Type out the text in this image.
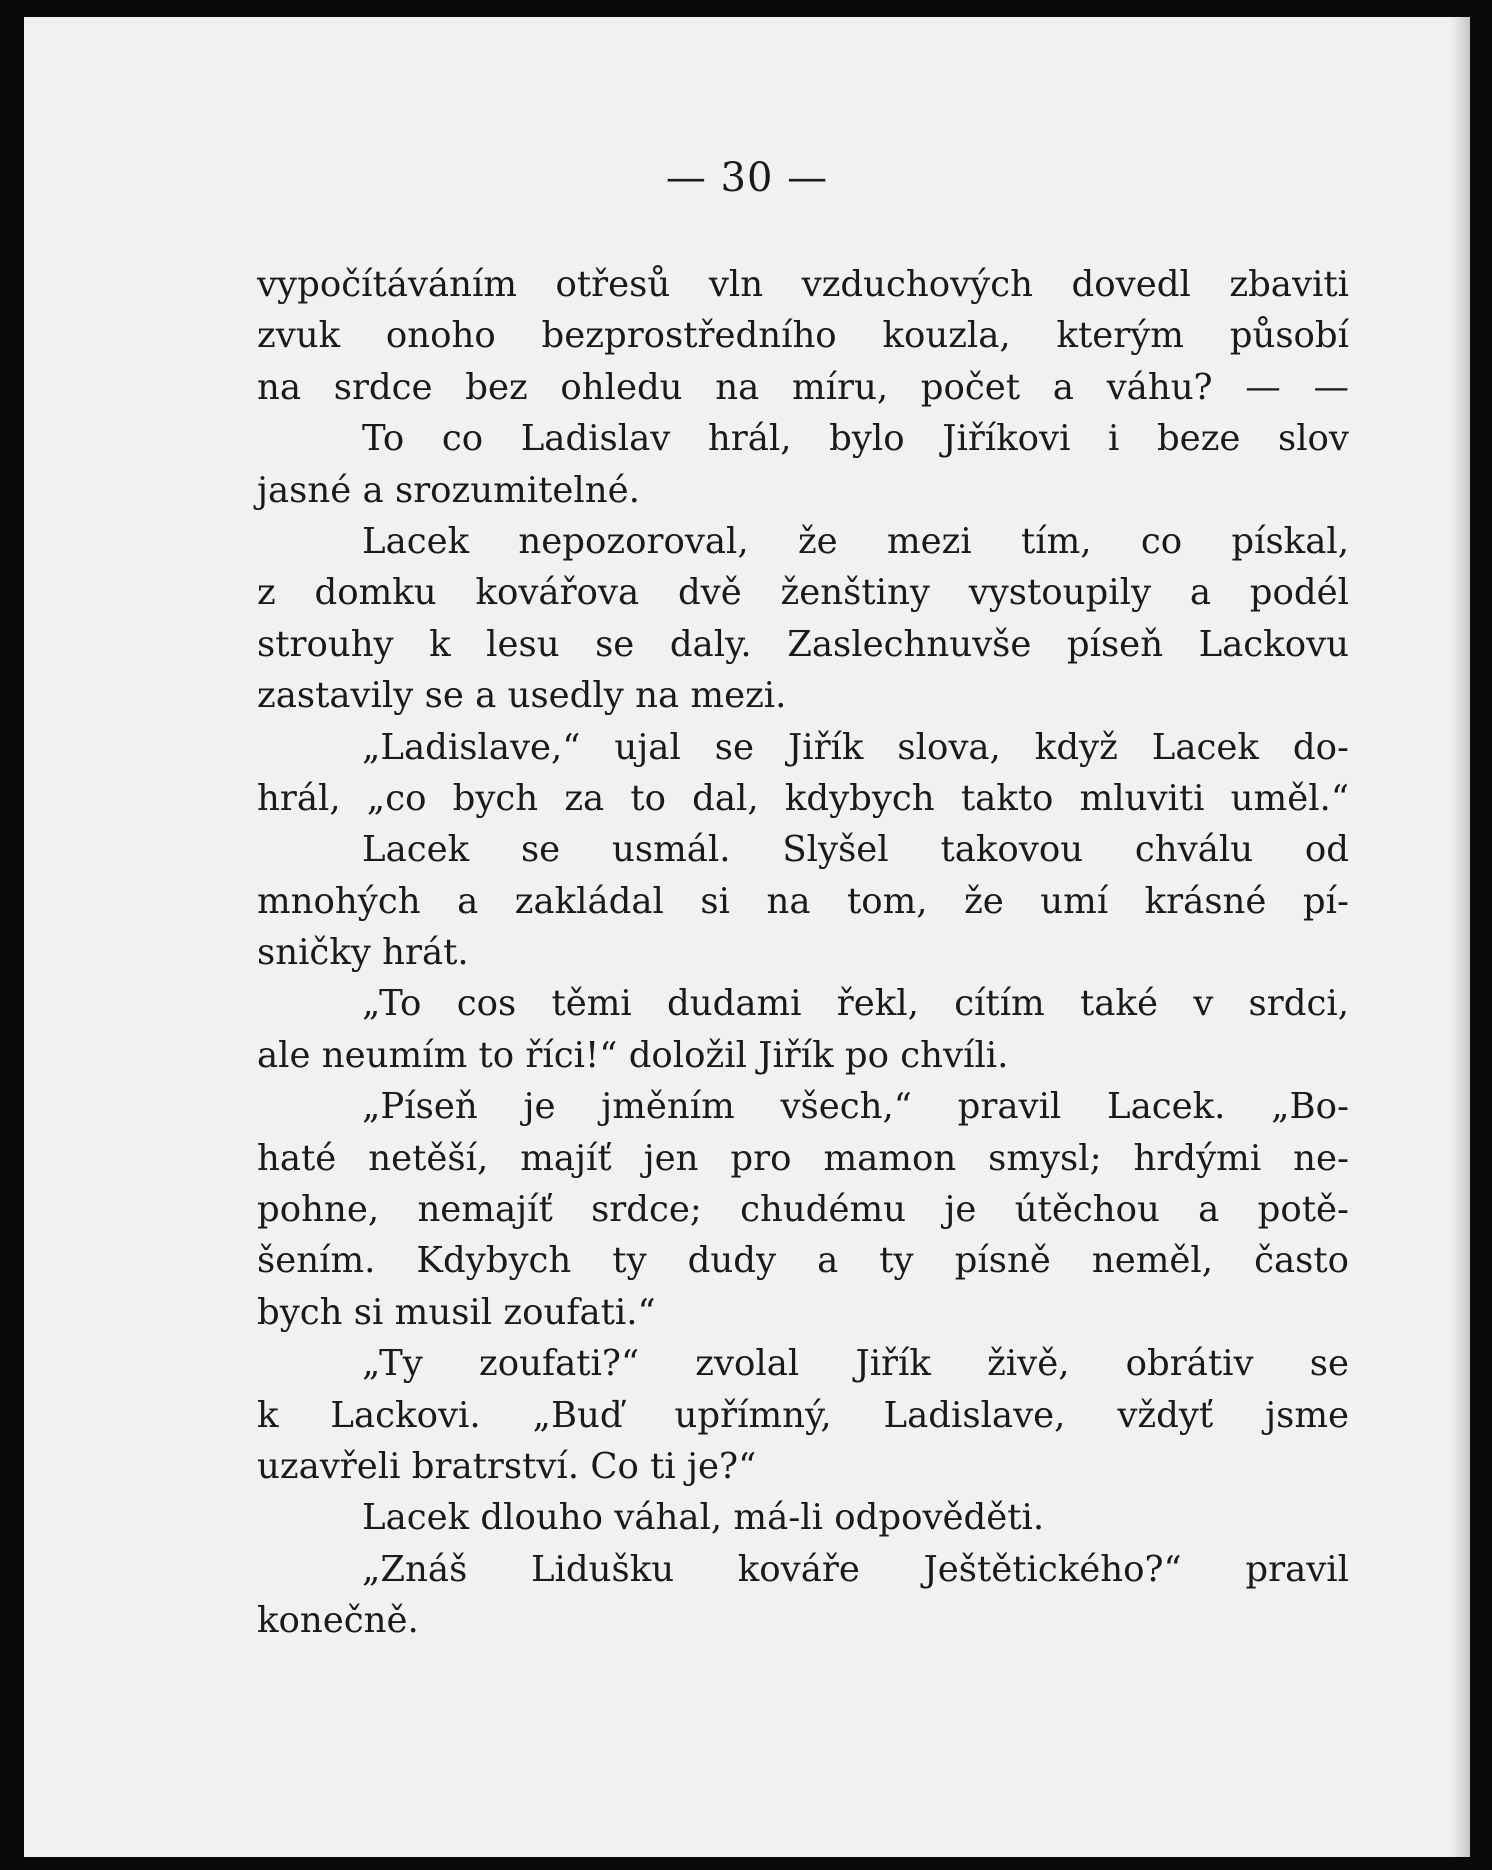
— 30 —
vypočítáváním otřesů vln vzduchových dovedl zbaviti
zvuk onoho bezprostředního kouzla, kterým působí
na srdce bez ohledu na míru, počet a váhu? — —
To co Ladislav hrál, bylo Jiříkovi i beze slov
jasné a srozumitelné.
Lacek nepozoroval, že mezi tím, co pískal,
z domku kovářova dvě ženštiny vystoupily a podél
strouhy k lesu se daly. Zaslechnuvše píseň Lackovu
zastavily se a usedly na mezi.
„Ladislave,“ ujal se Jiřík slova, když Lacek do-
hrál, „co bych za to dal, kdybych takto mluviti uměl.“
Lacek se usmál. Slyšel takovou chválu od
mnohých a zakládal si na tom, že umí krásné pí-
sničky hrát.
„To cos těmi dudami řekl, cítím také v srdci,
ale neumím to říci!“ doložil Jiřík po chvíli.
„Píseň je jměním všech,“ pravil Lacek. „Bo-
haté netěší, majíť jen pro mamon smysl; hrdými ne-
pohne, nemajíť srdce; chudému je útěchou a potě-
šením. Kdybych ty dudy a ty písně neměl, často
bych si musil zoufati.“
„Ty zoufati?“ zvolal Jiřík živě, obrátiv se
k Lackovi. „Buď upřímný, Ladislave, vždyť jsme
uzavřeli bratrství. Co ti je?“
Lacek dlouho váhal, má-li odpověděti.
„Znáš Lidušku kováře Ještětického?“ pravil
konečně.
